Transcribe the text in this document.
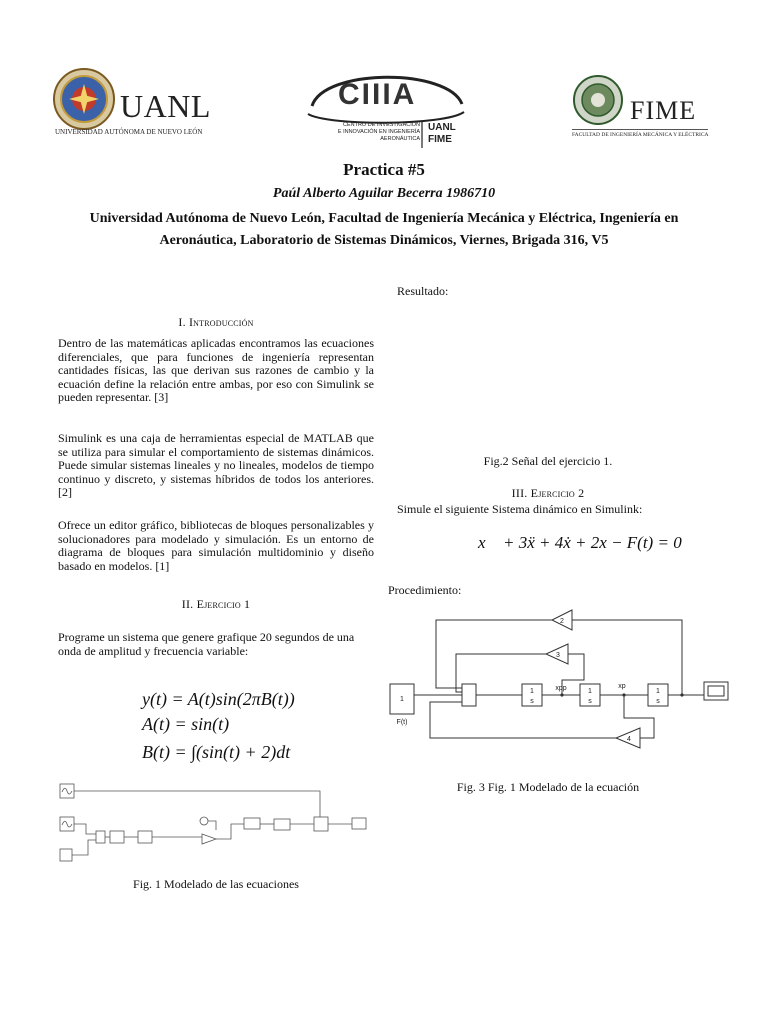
UANL
UNIVERSIDAD AUTÓNOMA DE NUEVO LEÓN
CIIIA
CENTRO DE INVESTIGACIÓN
E INNOVACIÓN EN INGENIERÍA
AERONÁUTICA
UANL
FIME
FIME
FACULTAD DE INGENIERÍA MECÁNICA Y ELÉCTRICA
Practica #5
Paúl Alberto Aguilar Becerra 1986710
Universidad Autónoma de Nuevo León, Facultad de Ingeniería Mecánica y Eléctrica, Ingeniería en
Aeronáutica, Laboratorio de Sistemas Dinámicos, Viernes, Brigada 316, V5
I. Introducción
Dentro de las matemáticas aplicadas encontramos las ecuaciones diferenciales, que para funciones de ingeniería representan cantidades físicas, las que derivan sus razones de cambio y la ecuación define la relación entre ambas, por eso con Simulink se pueden representar. [3]
Simulink es una caja de herramientas especial de MATLAB que se utiliza para simular el comportamiento de sistemas dinámicos. Puede simular sistemas lineales y no lineales, modelos de tiempo continuo y discreto, y sistemas híbridos de todos los anteriores. [2]
Ofrece un editor gráfico, bibliotecas de bloques personalizables y solucionadores para modelado y simulación. Es un entorno de diagrama de bloques para simulación multidominio y diseño basado en modelos. [1]
II. Ejercicio 1
Programe un sistema que genere grafique 20 segundos de una onda de amplitud y frecuencia variable:
y(t) = A(t)sin(2πB(t))
A(t) = sin(t)
B(t) = ∫(sin(t) + 2)dt
Fig. 1 Modelado de las ecuaciones
Resultado:
Fig.2 Señal del ejercicio 1.
III. Ejercicio 2
Simule el siguiente Sistema dinámico en Simulink:
x⃛ + 3ẍ + 4ẋ + 2x − F(t) = 0
Procedimiento:
2
3
4
1
F(t)
1
s
1
s
1
s
xpp	xp
Fig. 3 Fig. 1 Modelado de la ecuación
